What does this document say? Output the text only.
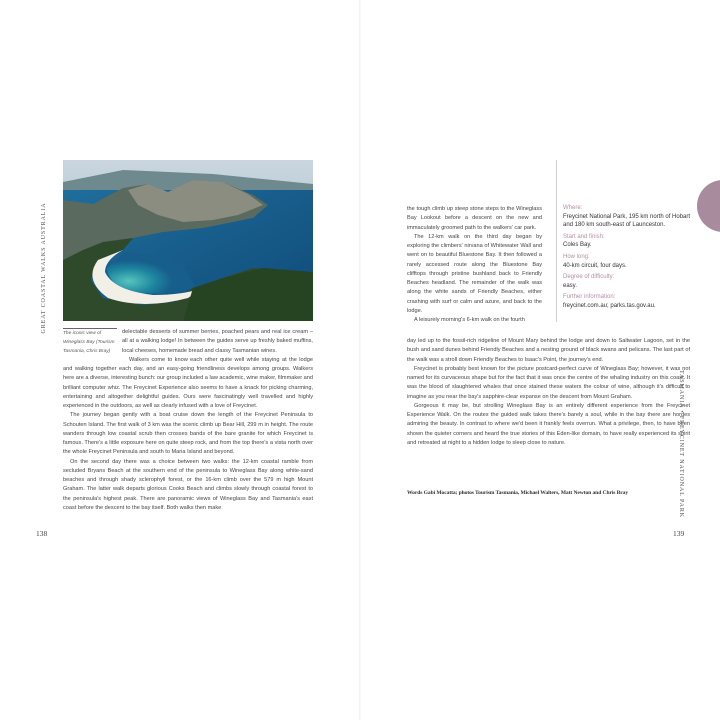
GREAT COASTAL WALKS AUSTRALIA	The iconic view of Wineglass Bay (Tourism Tasmania, Chris Bray)

delectable desserts of summer berries, poached pears and real ice cream – all at a walking lodge! In between the guides serve up freshly baked muffins, local cheeses, homemade bread and classy Tasmanian wines.

Walkers come to know each other quite well while staying at the lodge and walking together each day, and an easy-going friendliness develops among groups. Walkers here are a diverse, interesting bunch: our group included a law academic, wine maker, filmmaker and brilliant computer whiz. The Freycinet Experience also seems to have a knack for picking charming, entertaining and altogether delightful guides. Ours were fascinatingly well travelled and highly experienced in the outdoors, as well as clearly infused with a love of Freycinet.

The journey began gently with a boat cruise down the length of the Freycinet Peninsula to Schouten Island. The first walk of 3 km was the scenic climb up Bear Hill, 299 m in height. The route wanders through low coastal scrub then crosses bands of the bare granite for which Freycinet is famous. There's a little exposure here on quite steep rock, and from the top there's a vista north over the whole Freycinet Peninsula and south to Maria Island and beyond.

On the second day there was a choice between two walks: the 12-km coastal ramble from secluded Bryans Beach at the southern end of the peninsula to Wineglass Bay along white-sand beaches and through shady sclerophyll forest, or the 16-km climb over the 579 m high Mount Graham. The latter walk departs glorious Cooks Beach and climbs slowly through coastal forest to the peninsula's highest peak. There are panoramic views of Wineglass Bay and Tasmania's east coast before the descent to the bay itself. Both walks then make

138

the tough climb up steep stone steps to the Wineglass Bay Lookout before a descent on the new and immaculately groomed path to the walkers' car park.

The 12-km walk on the third day began by exploring the climbers' nirvana of Whitewater Wall and went on to beautiful Bluestone Bay. It then followed a rarely accessed route along the Bluestone Bay clifftops through pristine bushland back to Friendly Beaches headland. The remainder of the walk was along the white sands of Friendly Beaches, either crashing with surf or calm and azure, and back to the lodge.

A leisurely morning's 6-km walk on the fourth

Where:
Freycinet National Park, 195 km north of Hobart and 180 km south-east of Launceston.
Start and finish:
Coles Bay.
How long:
40-km circuit, four days.
Degree of difficulty:
easy.
Further information:
freycinet.com.au; parks.tas.gov.au.

day led up to the fossil-rich ridgeline of Mount Mary behind the lodge and down to Saltwater Lagoon, set in the bush and sand dunes behind Friendly Beaches and a nesting ground of black swans and pelicans. The last part of the walk was a stroll down Friendly Beaches to Isaac's Point, the journey's end.

Freycinet is probably best known for the picture postcard-perfect curve of Wineglass Bay; however, it was not named for its curvaceous shape but for the fact that it was once the centre of the whaling industry on this coast. It was the blood of slaughtered whales that once stained these waters the colour of wine, although it's difficult to imagine as you near the bay's sapphire-clear expanse on the descent from Mount Graham.

Gorgeous it may be, but strolling Wineglass Bay is an entirely different experience from the Freycinet Experience Walk. On the routes the guided walk takes there's barely a soul, while in the bay there are hordes admiring the beauty. In contrast to where we'd been it frankly feels overrun. What a privilege, then, to have been shown the quieter corners and heard the true stories of this Eden-like domain, to have really experienced its spirit and retreated at night to a hidden lodge to sleep close to nature.

Words Gabi Mocatta; photos Tourism Tasmania, Michael Walters, Matt Newton and Chris Bray	TASMANIA • FREYCINET NATIONAL PARK
139
